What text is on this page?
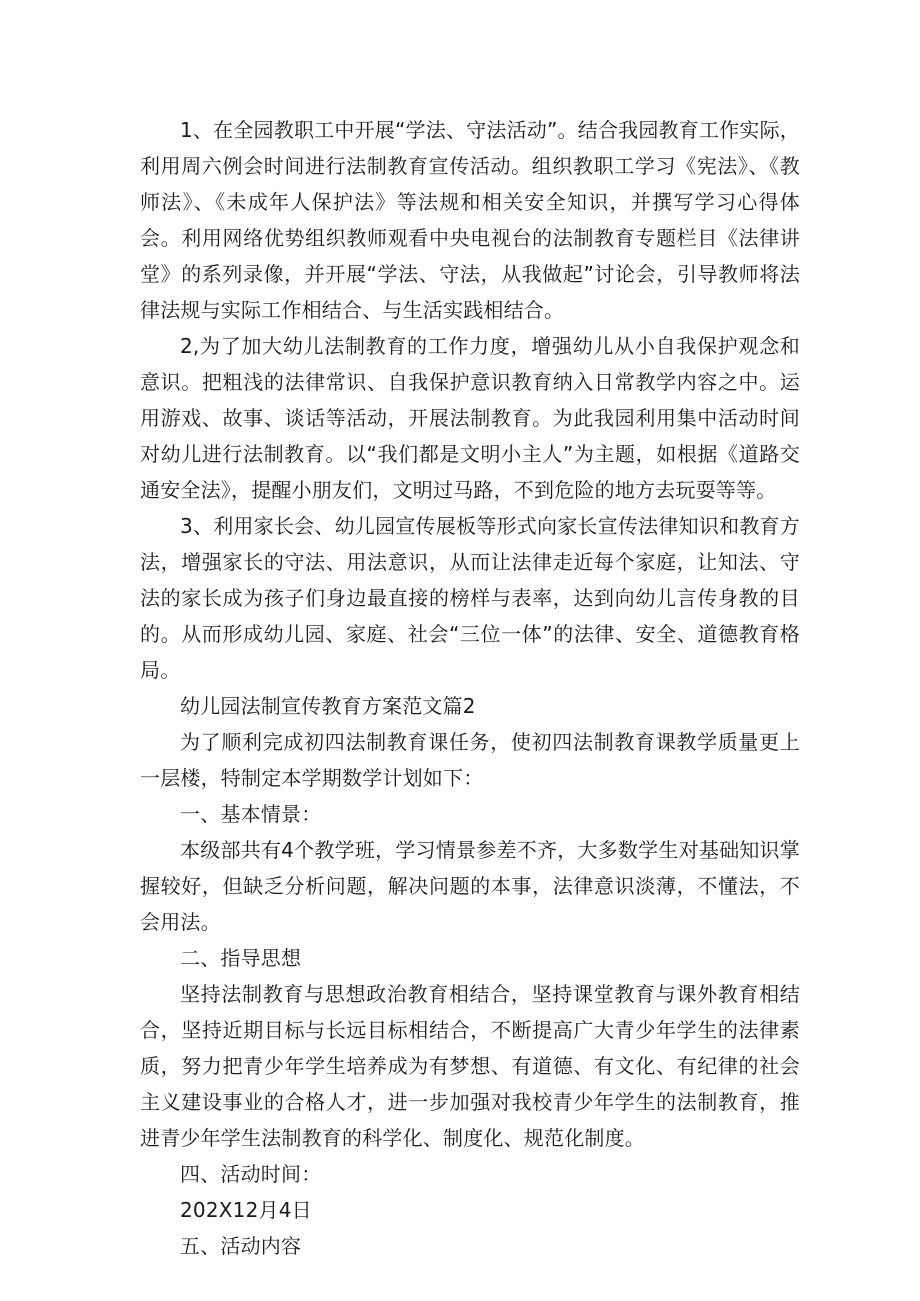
1、在全园教职工中开展“学法、守法活动”。结合我园教育工作实际，利用周六例会时间进行法制教育宣传活动。组织教职工学习《宪法》、《教师法》、《未成年人保护法》等法规和相关安全知识，并撰写学习心得体会。利用网络优势组织教师观看中央电视台的法制教育专题栏目《法律讲堂》的系列录像，并开展“学法、守法，从我做起”讨论会，引导教师将法律法规与实际工作相结合、与生活实践相结合。

2,为了加大幼儿法制教育的工作力度，增强幼儿从小自我保护观念和意识。把粗浅的法律常识、自我保护意识教育纳入日常教学内容之中。运用游戏、故事、谈话等活动，开展法制教育。为此我园利用集中活动时间对幼儿进行法制教育。以“我们都是文明小主人”为主题，如根据《道路交通安全法》，提醒小朋友们，文明过马路，不到危险的地方去玩耍等等。

3、利用家长会、幼儿园宣传展板等形式向家长宣传法律知识和教育方法，增强家长的守法、用法意识，从而让法律走近每个家庭，让知法、守法的家长成为孩子们身边最直接的榜样与表率，达到向幼儿言传身教的目的。从而形成幼儿园、家庭、社会“三位一体”的法律、安全、道德教育格局。

幼儿园法制宣传教育方案范文篇2

为了顺利完成初四法制教育课任务，使初四法制教育课教学质量更上一层楼，特制定本学期数学计划如下：

一、基本情景：

本级部共有4个教学班，学习情景参差不齐，大多数学生对基础知识掌握较好，但缺乏分析问题，解决问题的本事，法律意识淡薄，不懂法，不会用法。

二、指导思想

坚持法制教育与思想政治教育相结合，坚持课堂教育与课外教育相结合，坚持近期目标与长远目标相结合，不断提高广大青少年学生的法律素质，努力把青少年学生培养成为有梦想、有道德、有文化、有纪律的社会主义建设事业的合格人才，进一步加强对我校青少年学生的法制教育，推进青少年学生法制教育的科学化、制度化、规范化制度。

四、活动时间：

202X12月4日

五、活动内容
